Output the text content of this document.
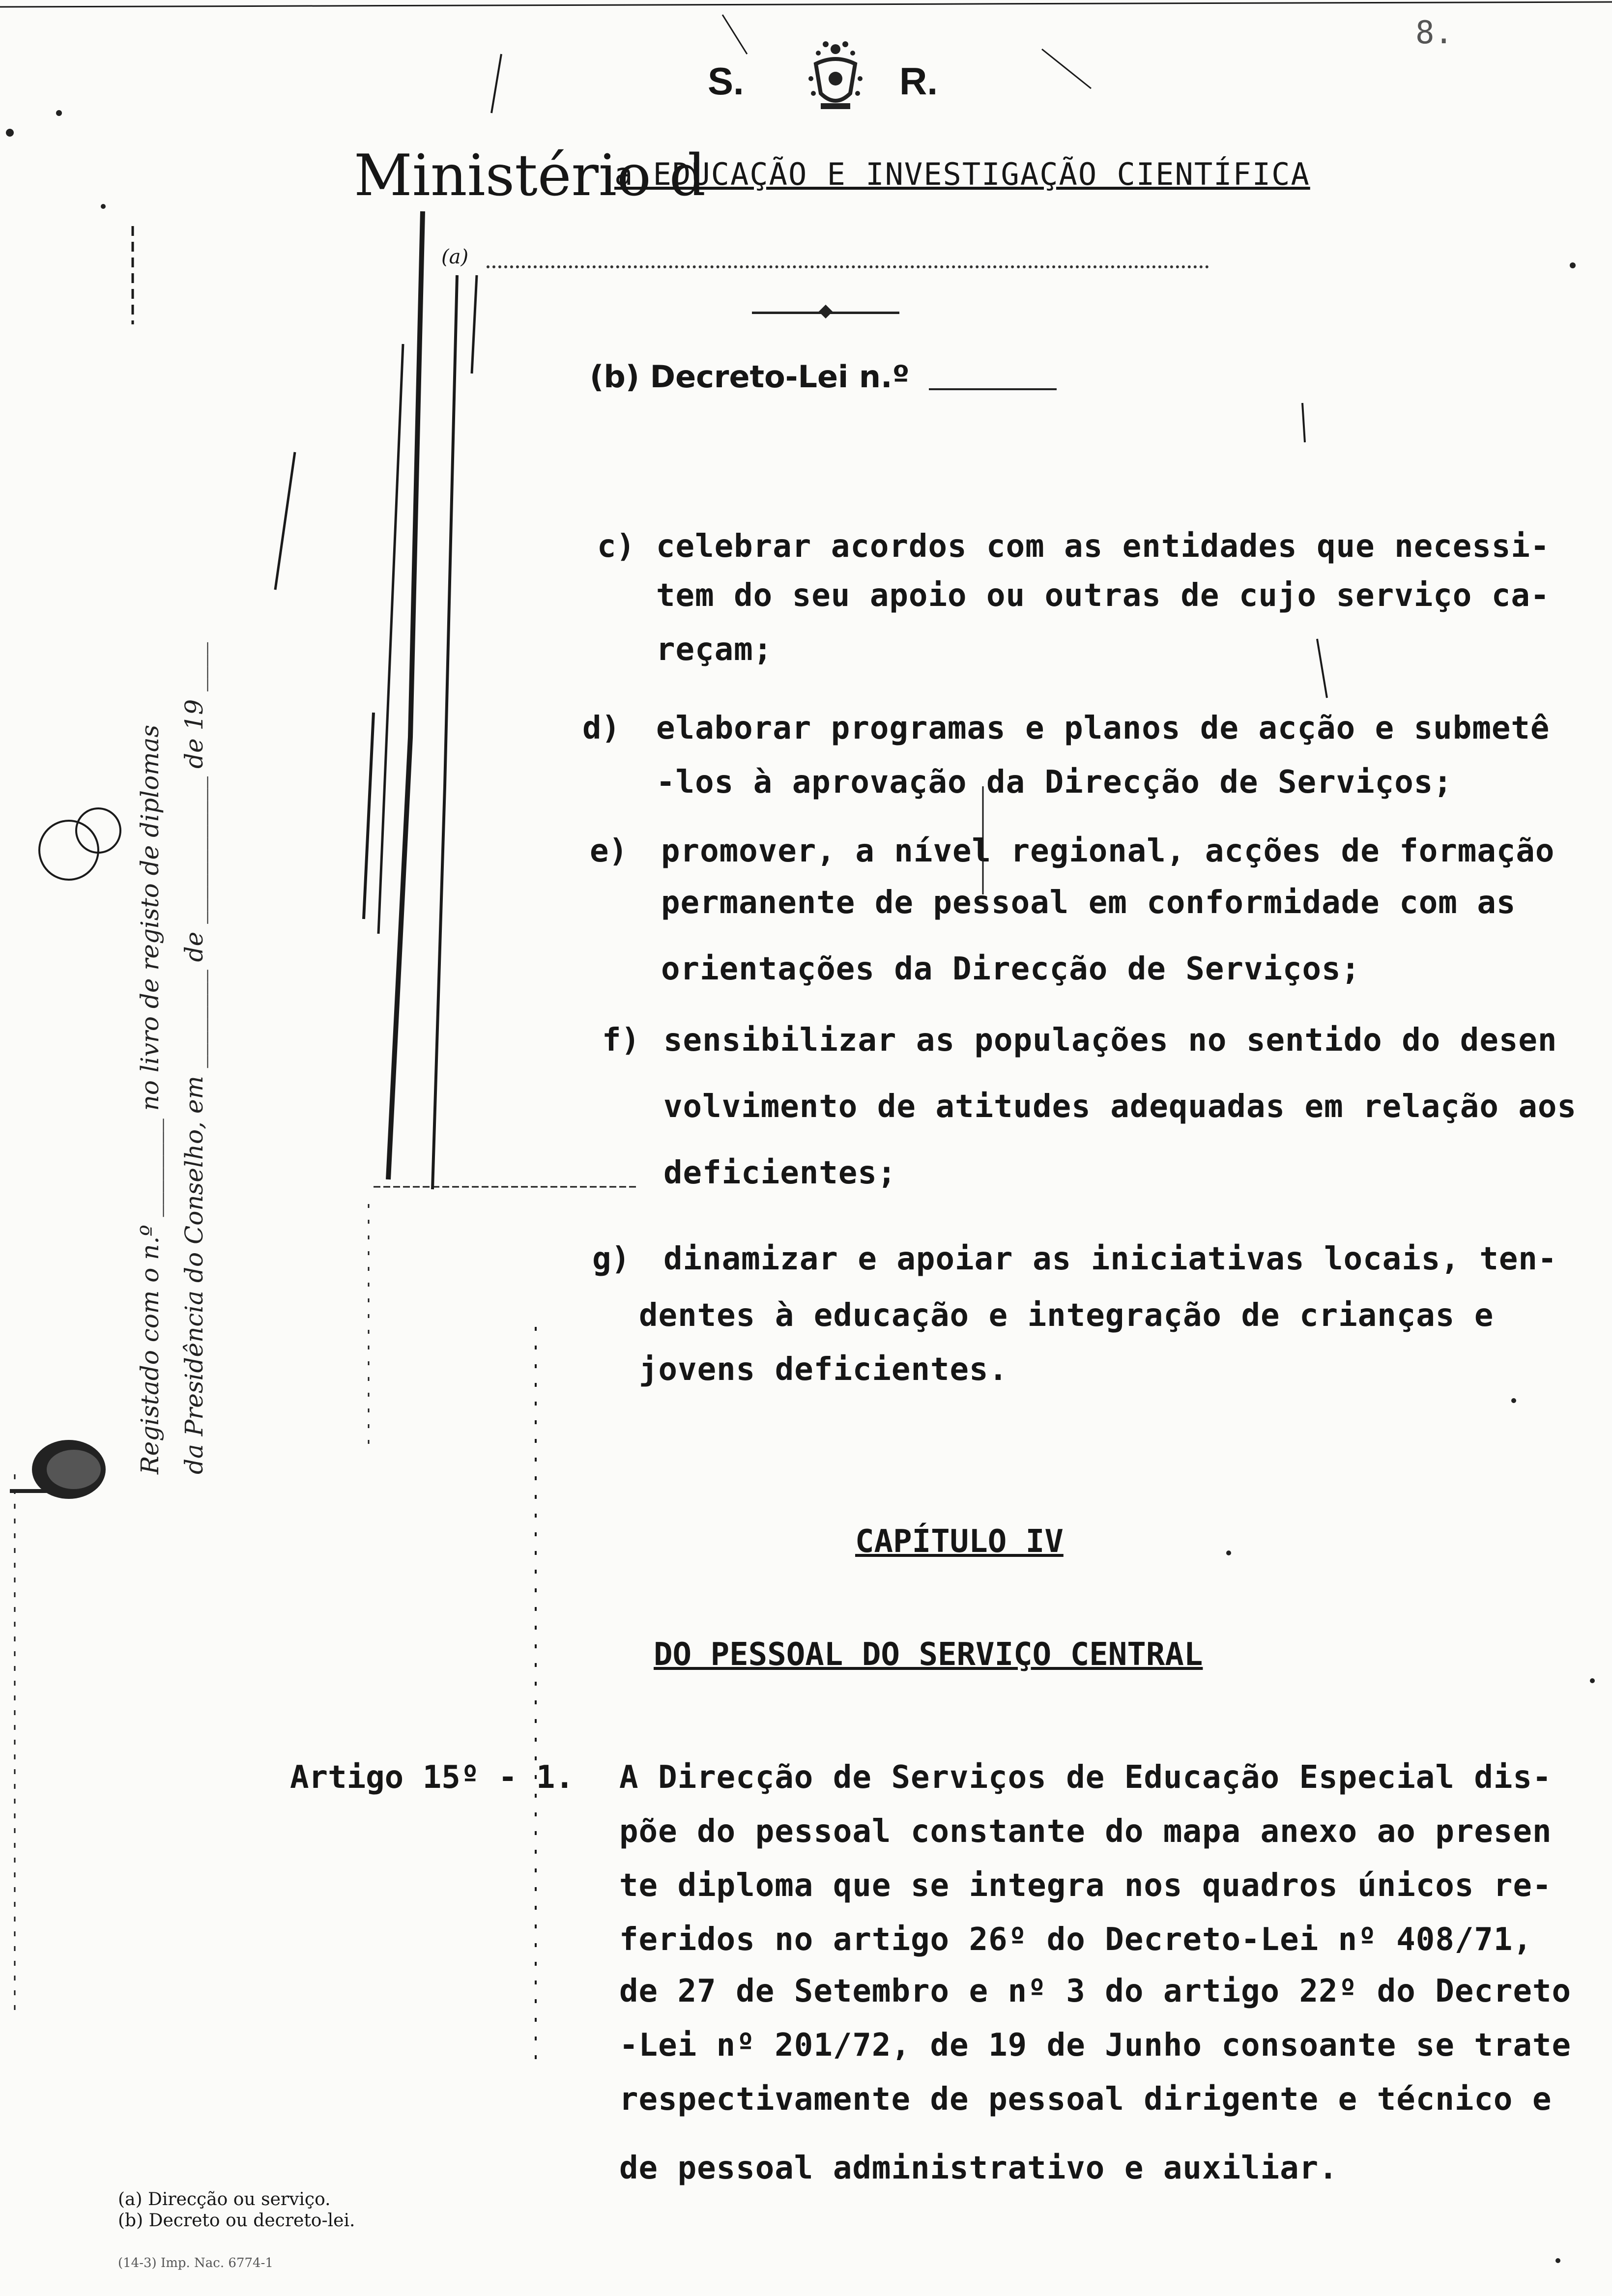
8.
S.	R.
Ministério d
a EDUCAÇÃO E INVESTIGAÇÃO CIENTÍFICA
(a)
(b) Decreto-Lei n.º
c) celebrar acordos com as entidades que necessi-
tem do seu apoio ou outras de cujo serviço ca-
reçam;
d) elaborar programas e planos de acção e submetê
-los à aprovação da Direcção de Serviços;
e) promover, a nível regional, acções de formação
permanente de pessoal em conformidade com as
orientações da Direcção de Serviços;
f) sensibilizar as populações no sentido do desen
volvimento de atitudes adequadas em relação aos
deficientes;
g) dinamizar e apoiar as iniciativas locais, ten-
dentes à educação e integração de crianças e
jovens deficientes.
CAPÍTULO IV
DO PESSOAL DO SERVIÇO CENTRAL
Artigo 15º - 1. A Direcção de Serviços de Educação Especial dis-
põe do pessoal constante do mapa anexo ao presen
te diploma que se integra nos quadros únicos re-
feridos no artigo 26º do Decreto-Lei nº 408/71,
de 27 de Setembro e nº 3 do artigo 22º do Decreto
-Lei nº 201/72, de 19 de Junho consoante se trate
respectivamente de pessoal dirigente e técnico e
de pessoal administrativo e auxiliar.
Registado com o n.º ________ no livro de registo de diplomas da Presidência do Conselho, em ________ de ____________ de 19 ____
(a) Direcção ou serviço.
(b) Decreto ou decreto-lei.
(14-3) Imp. Nac. 6774-1
